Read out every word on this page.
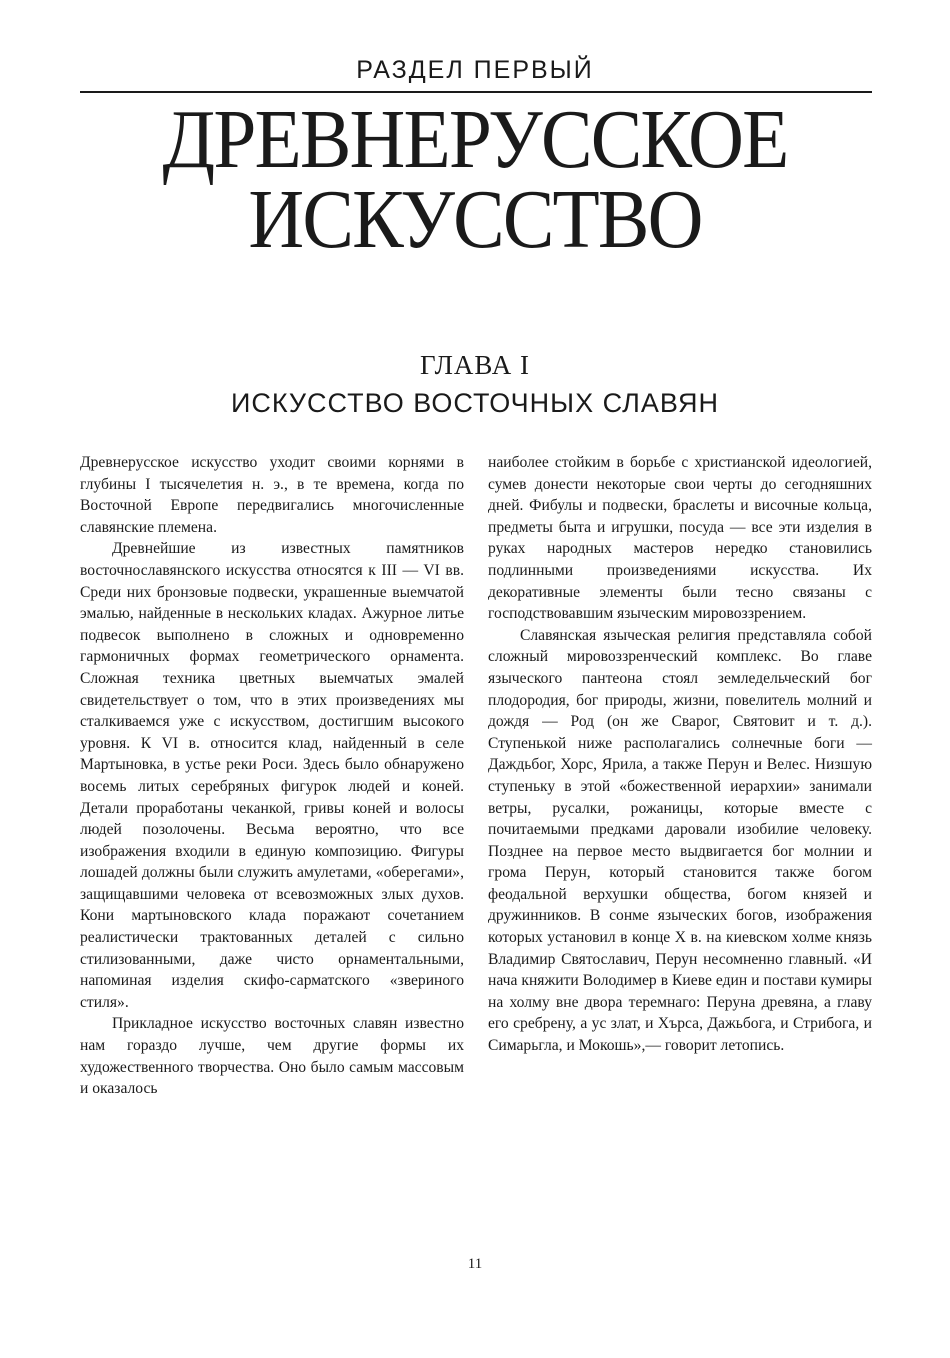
РАЗДЕЛ ПЕРВЫЙ
ДРЕВНЕРУССКОЕ
ИСКУССТВО
ГЛАВА I
ИСКУССТВО ВОСТОЧНЫХ СЛАВЯН

Древнерусское искусство уходит своими корнями в глубины I тысячелетия н. э., в те времена, когда по Восточной Европе передвигались многочисленные славянские племена.

Древнейшие из известных памятников восточнославянского искусства относятся к III — VI вв. Среди них бронзовые подвески, украшенные выемчатой эмалью, найденные в нескольких кладах. Ажурное литье подвесок выполнено в сложных и одновременно гармоничных формах геометрического орнамента. Сложная техника цветных выемчатых эмалей свидетельствует о том, что в этих произведениях мы сталкиваемся уже с искусством, достигшим высокого уровня. К VI в. относится клад, найденный в селе Мартыновка, в устье реки Роси. Здесь было обнаружено восемь литых серебряных фигурок людей и коней. Детали проработаны чеканкой, гривы коней и волосы людей позолочены. Весьма вероятно, что все изображения входили в единую композицию. Фигуры лошадей должны были служить амулетами, «оберегами», защищавшими человека от всевозможных злых духов. Кони мартыновского клада поражают сочетанием реалистически трактованных деталей с сильно стилизованными, даже чисто орнаментальными, напоминая изделия скифо-сарматского «звериного стиля».

Прикладное искусство восточных славян известно нам гораздо лучше, чем другие формы их художественного творчества. Оно было самым массовым и оказалось

наиболее стойким в борьбе с христианской идеологией, сумев донести некоторые свои черты до сегодняшних дней. Фибулы и подвески, браслеты и височные кольца, предметы быта и игрушки, посуда — все эти изделия в руках народных мастеров нередко становились подлинными произведениями искусства. Их декоративные элементы были тесно связаны с господствовавшим языческим мировоззрением.

Славянская языческая религия представляла собой сложный мировоззренческий комплекс. Во главе языческого пантеона стоял земледельческий бог плодородия, бог природы, жизни, повелитель молний и дождя — Род (он же Сварог, Святовит и т. д.). Ступенькой ниже располагались солнечные боги — Даждьбог, Хорс, Ярила, а также Перун и Велес. Низшую ступеньку в этой «божественной иерархии» занимали ветры, русалки, рожаницы, которые вместе с почитаемыми предками даровали изобилие человеку. Позднее на первое место выдвигается бог молнии и грома Перун, который становится также богом феодальной верхушки общества, богом князей и дружинников. В сонме языческих богов, изображения которых установил в конце X в. на киевском холме князь Владимир Святославич, Перун несомненно главный. «И нача княжити Володимер в Киеве един и постави кумиры на холму вне двора теремнаго: Перуна древяна, а главу его сребрену, а ус злат, и Хърса, Дажьбога, и Стрибога, и Симарьгла, и Мокошь»,— говорит летопись.

11
